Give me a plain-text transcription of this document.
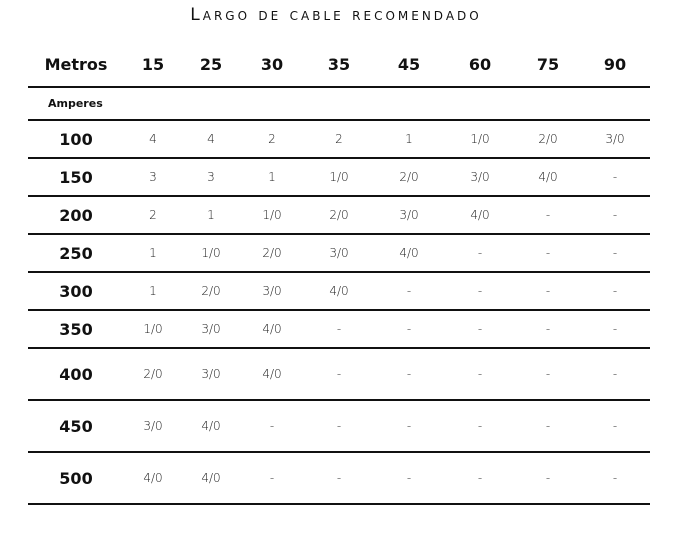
Largo de cable recomendado
Metros	15	25	30	35	45	60	75	90
Amperes								
100	4	4	2	2	1	1/0	2/0	3/0
150	3	3	1	1/0	2/0	3/0	4/0	-
200	2	1	1/0	2/0	3/0	4/0	-	-
250	1	1/0	2/0	3/0	4/0	-	-	-
300	1	2/0	3/0	4/0	-	-	-	-
350	1/0	3/0	4/0	-	-	-	-	-
400	2/0	3/0	4/0	-	-	-	-	-
450	3/0	4/0	-	-	-	-	-	-
500	4/0	4/0	-	-	-	-	-	-
